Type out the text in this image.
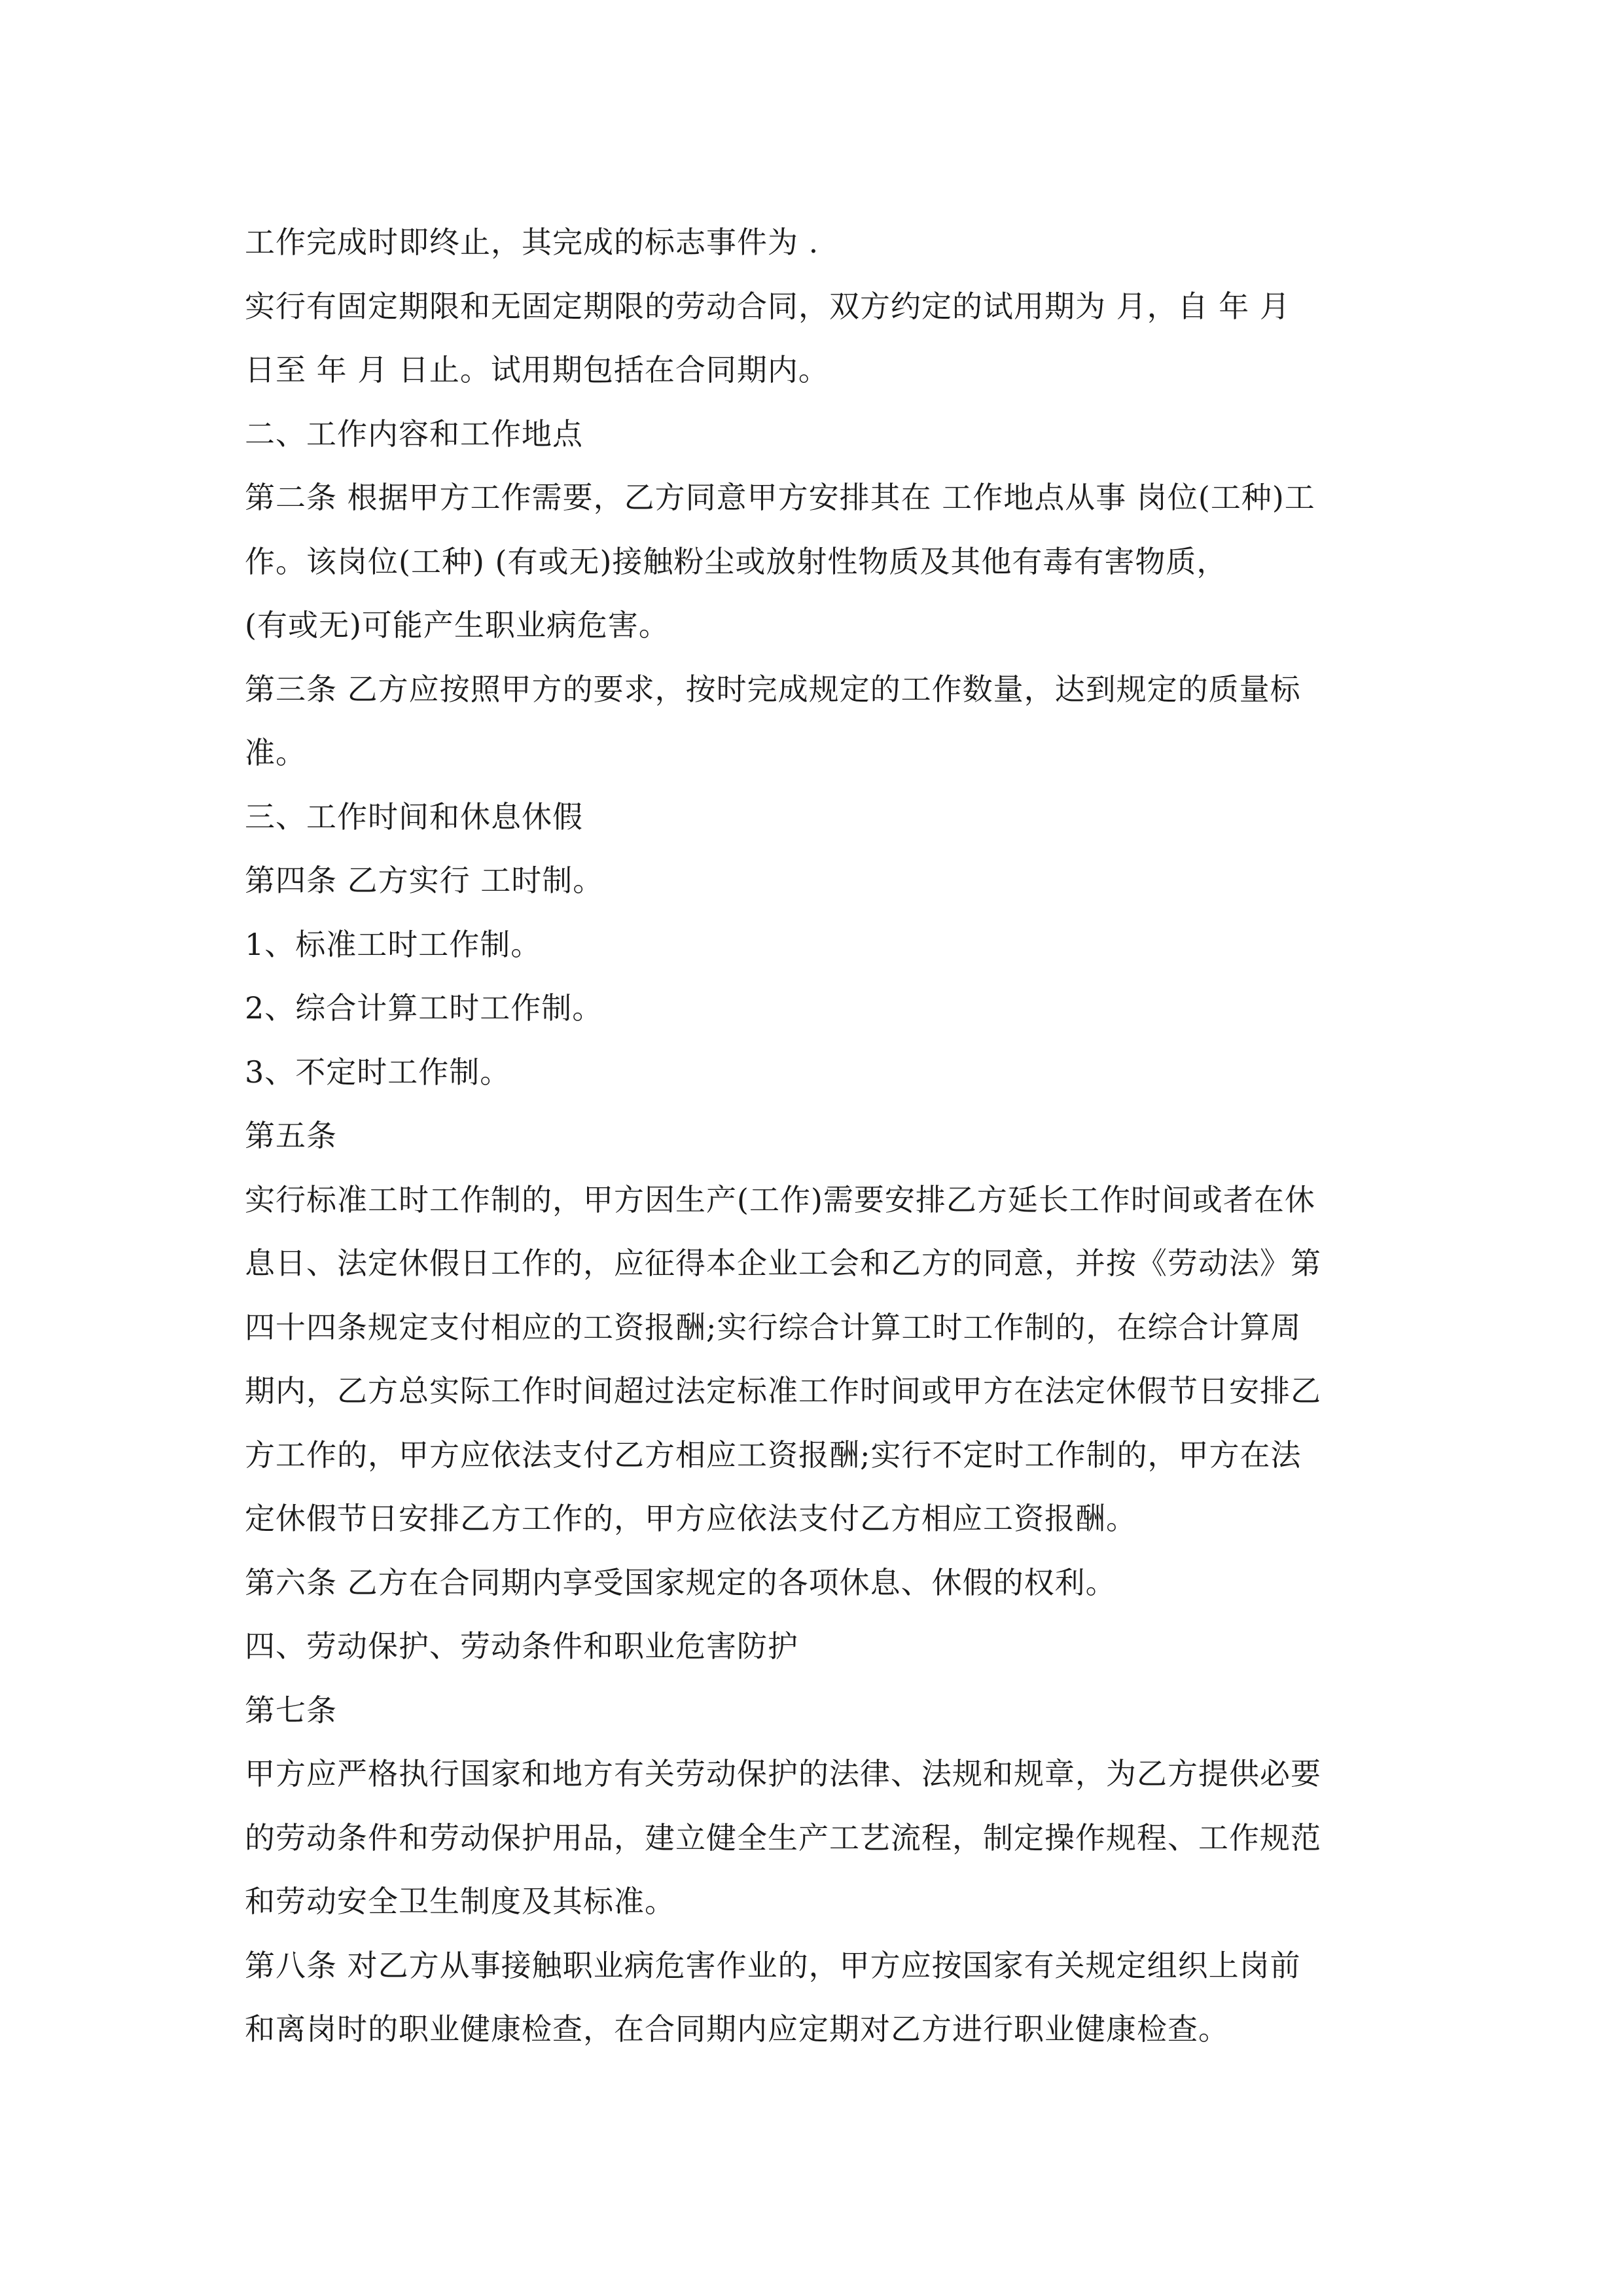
工作完成时即终止，其完成的标志事件为 .
实行有固定期限和无固定期限的劳动合同，双方约定的试用期为 月，自 年 月
日至 年 月 日止。试用期包括在合同期内。
二、工作内容和工作地点
第二条 根据甲方工作需要，乙方同意甲方安排其在 工作地点从事 岗位(工种)工
作。该岗位(工种) (有或无)接触粉尘或放射性物质及其他有毒有害物质，
(有或无)可能产生职业病危害。
第三条 乙方应按照甲方的要求，按时完成规定的工作数量，达到规定的质量标
准。
三、工作时间和休息休假
第四条 乙方实行 工时制。
1、标准工时工作制。
2、综合计算工时工作制。
3、不定时工作制。
第五条
实行标准工时工作制的，甲方因生产(工作)需要安排乙方延长工作时间或者在休
息日、法定休假日工作的，应征得本企业工会和乙方的同意，并按《劳动法》第
四十四条规定支付相应的工资报酬;实行综合计算工时工作制的，在综合计算周
期内，乙方总实际工作时间超过法定标准工作时间或甲方在法定休假节日安排乙
方工作的，甲方应依法支付乙方相应工资报酬;实行不定时工作制的，甲方在法
定休假节日安排乙方工作的，甲方应依法支付乙方相应工资报酬。
第六条 乙方在合同期内享受国家规定的各项休息、休假的权利。
四、劳动保护、劳动条件和职业危害防护
第七条
甲方应严格执行国家和地方有关劳动保护的法律、法规和规章，为乙方提供必要
的劳动条件和劳动保护用品，建立健全生产工艺流程，制定操作规程、工作规范
和劳动安全卫生制度及其标准。
第八条 对乙方从事接触职业病危害作业的，甲方应按国家有关规定组织上岗前
和离岗时的职业健康检查，在合同期内应定期对乙方进行职业健康检查。
